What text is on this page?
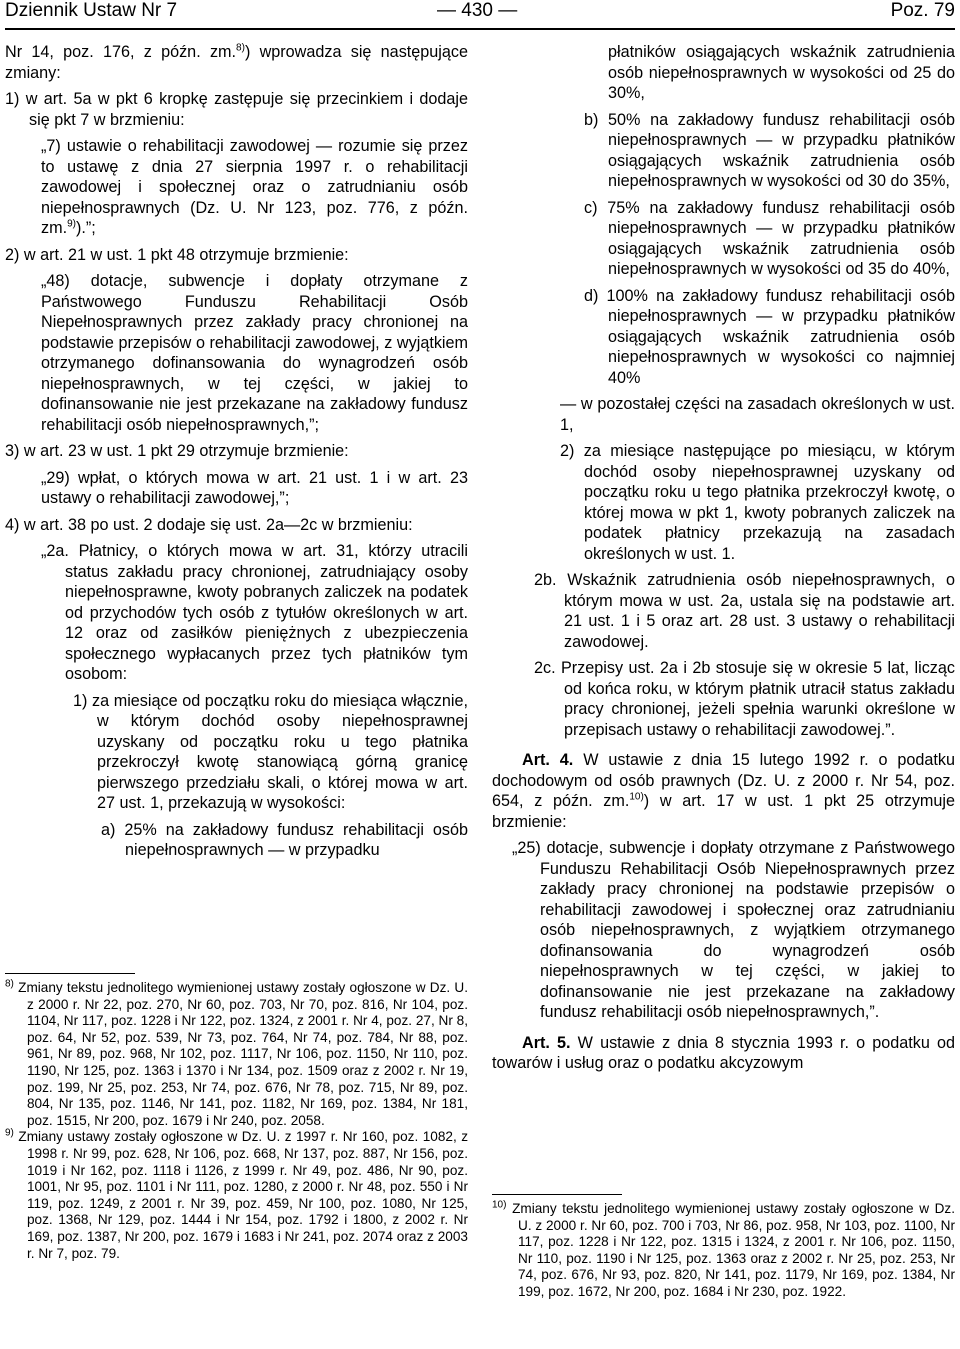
Dziennik Ustaw Nr 7	— 430 —	Poz. 79

Nr 14, poz. 176, z późn. zm.$^{8)}$) wprowadza się następujące zmiany:

1) w art. 5a w pkt 6 kropkę zastępuje się przecinkiem i dodaje się pkt 7 w brzmieniu:

„7) ustawie o rehabilitacji zawodowej — rozumie się przez to ustawę z dnia 27 sierpnia 1997 r. o rehabilitacji zawodowej i społecznej oraz o zatrudnianiu osób niepełnosprawnych (Dz. U. Nr 123, poz. 776, z późn. zm.$^{9)}$).”;

2) w art. 21 w ust. 1 pkt 48 otrzymuje brzmienie:

„48) dotacje, subwencje i dopłaty otrzymane z Państwowego Funduszu Rehabilitacji Osób Niepełnosprawnych przez zakłady pracy chronionej na podstawie przepisów o rehabilitacji zawodowej, z wyjątkiem otrzymanego dofinansowania do wynagrodzeń osób niepełnosprawnych, w tej części, w jakiej to dofinansowanie nie jest przekazane na zakładowy fundusz rehabilitacji osób niepełnosprawnych,”;

3) w art. 23 w ust. 1 pkt 29 otrzymuje brzmienie:

„29) wpłat, o których mowa w art. 21 ust. 1 i w art. 23 ustawy o rehabilitacji zawodowej,”;

4) w art. 38 po ust. 2 dodaje się ust. 2a—2c w brzmieniu:

„2a. Płatnicy, o których mowa w art. 31, którzy utracili status zakładu pracy chronionej, zatrudniający osoby niepełnosprawne, kwoty pobranych zaliczek na podatek od przychodów tych osób z tytułów określonych w art. 12 oraz od zasiłków pieniężnych z ubezpieczenia społecznego wypłacanych przez tych płatników tym osobom:

1) za miesiące od początku roku do miesiąca włącznie, w którym dochód osoby niepełnosprawnej uzyskany od początku roku u tego płatnika przekroczył kwotę stanowiącą górną granicę pierwszego przedziału skali, o której mowa w art. 27 ust. 1, przekazują w wysokości:

a) 25% na zakładowy fundusz rehabilitacji osób niepełnosprawnych — w przypadku

$^{8)}$ Zmiany tekstu jednolitego wymienionej ustawy zostały ogłoszone w Dz. U. z 2000 r. Nr 22, poz. 270, Nr 60, poz. 703, Nr 70, poz. 816, Nr 104, poz. 1104, Nr 117, poz. 1228 i Nr 122, poz. 1324, z 2001 r. Nr 4, poz. 27, Nr 8, poz. 64, Nr 52, poz. 539, Nr 73, poz. 764, Nr 74, poz. 784, Nr 88, poz. 961, Nr 89, poz. 968, Nr 102, poz. 1117, Nr 106, poz. 1150, Nr 110, poz. 1190, Nr 125, poz. 1363 i 1370 i Nr 134, poz. 1509 oraz z 2002 r. Nr 19, poz. 199, Nr 25, poz. 253, Nr 74, poz. 676, Nr 78, poz. 715, Nr 89, poz. 804, Nr 135, poz. 1146, Nr 141, poz. 1182, Nr 169, poz. 1384, Nr 181, poz. 1515, Nr 200, poz. 1679 i Nr 240, poz. 2058.

$^{9)}$ Zmiany ustawy zostały ogłoszone w Dz. U. z 1997 r. Nr 160, poz. 1082, z 1998 r. Nr 99, poz. 628, Nr 106, poz. 668, Nr 137, poz. 887, Nr 156, poz. 1019 i Nr 162, poz. 1118 i 1126, z 1999 r. Nr 49, poz. 486, Nr 90, poz. 1001, Nr 95, poz. 1101 i Nr 111, poz. 1280, z 2000 r. Nr 48, poz. 550 i Nr 119, poz. 1249, z 2001 r. Nr 39, poz. 459, Nr 100, poz. 1080, Nr 125, poz. 1368, Nr 129, poz. 1444 i Nr 154, poz. 1792 i 1800, z 2002 r. Nr 169, poz. 1387, Nr 200, poz. 1679 i 1683 i Nr 241, poz. 2074 oraz z 2003 r. Nr 7, poz. 79.

płatników osiągających wskaźnik zatrudnienia osób niepełnosprawnych w wysokości od 25 do 30%,

b) 50% na zakładowy fundusz rehabilitacji osób niepełnosprawnych — w przypadku płatników osiągających wskaźnik zatrudnienia osób niepełnosprawnych w wysokości od 30 do 35%,

c) 75% na zakładowy fundusz rehabilitacji osób niepełnosprawnych — w przypadku płatników osiągających wskaźnik zatrudnienia osób niepełnosprawnych w wysokości od 35 do 40%,

d) 100% na zakładowy fundusz rehabilitacji osób niepełnosprawnych — w przypadku płatników osiągających wskaźnik zatrudnienia osób niepełnosprawnych w wysokości co najmniej 40%

— w pozostałej części na zasadach określonych w ust. 1,

2) za miesiące następujące po miesiącu, w którym dochód osoby niepełnosprawnej uzyskany od początku roku u tego płatnika przekroczył kwotę, o której mowa w pkt 1, kwoty pobranych zaliczek na podatek płatnicy przekazują na zasadach określonych w ust. 1.

2b. Wskaźnik zatrudnienia osób niepełnosprawnych, o którym mowa w ust. 2a, ustala się na podstawie art. 21 ust. 1 i 5 oraz art. 28 ust. 3 ustawy o rehabilitacji zawodowej.

2c. Przepisy ust. 2a i 2b stosuje się w okresie 5 lat, licząc od końca roku, w którym płatnik utracił status zakładu pracy chronionej, jeżeli spełnia warunki określone w przepisach ustawy o rehabilitacji zawodowej.”.

Art. 4. W ustawie z dnia 15 lutego 1992 r. o podatku dochodowym od osób prawnych (Dz. U. z 2000 r. Nr 54, poz. 654, z późn. zm.$^{10)}$) w art. 17 w ust. 1 pkt 25 otrzymuje brzmienie:

„25) dotacje, subwencje i dopłaty otrzymane z Państwowego Funduszu Rehabilitacji Osób Niepełnosprawnych przez zakłady pracy chronionej na podstawie przepisów o rehabilitacji zawodowej i społecznej oraz zatrudnianiu osób niepełnosprawnych, z wyjątkiem otrzymanego dofinansowania do wynagrodzeń osób niepełnosprawnych w tej części, w jakiej to dofinansowanie nie jest przekazane na zakładowy fundusz rehabilitacji osób niepełnosprawnych,”.

Art. 5. W ustawie z dnia 8 stycznia 1993 r. o podatku od towarów i usług oraz o podatku akcyzowym

$^{10)}$ Zmiany tekstu jednolitego wymienionej ustawy zostały ogłoszone w Dz. U. z 2000 r. Nr 60, poz. 700 i 703, Nr 86, poz. 958, Nr 103, poz. 1100, Nr 117, poz. 1228 i Nr 122, poz. 1315 i 1324, z 2001 r. Nr 106, poz. 1150, Nr 110, poz. 1190 i Nr 125, poz. 1363 oraz z 2002 r. Nr 25, poz. 253, Nr 74, poz. 676, Nr 93, poz. 820, Nr 141, poz. 1179, Nr 169, poz. 1384, Nr 199, poz. 1672, Nr 200, poz. 1684 i Nr 230, poz. 1922.
